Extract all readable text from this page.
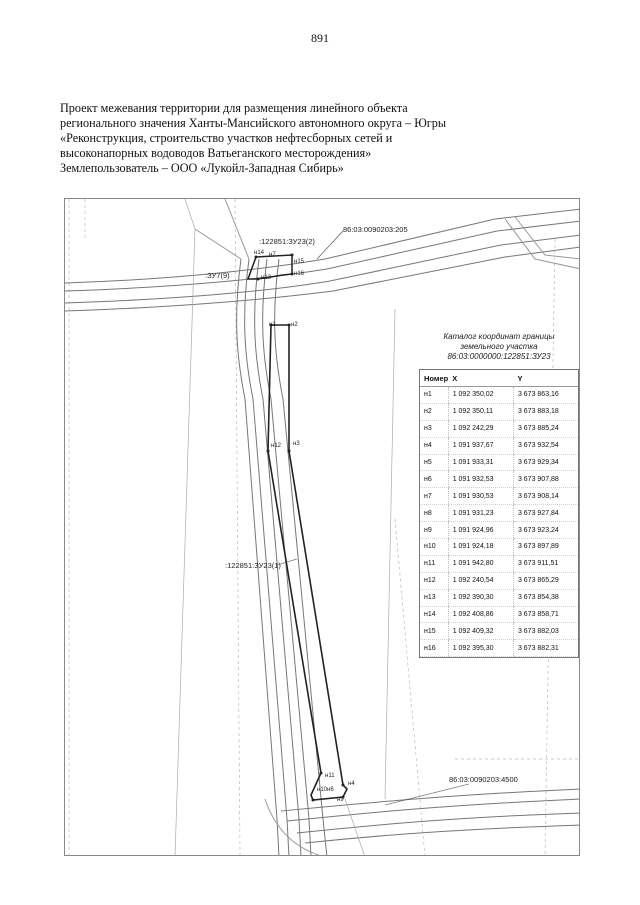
891
Проект межевания территории для размещения линейного объекта
регионального значения Ханты-Мансийского автономного округа – Югры
«Реконструкция, строительство участков нефтесборных сетей и
высоконапорных водоводов Ватьеганского месторождения»
Землепользователь – ООО «Лукойл-Западная Сибирь»
:122851:ЗУ23(2)
:ЗУ7(9)
86:03:0090203:205
:122851:ЗУ23(1)
86:03:0090203:4500
н1	н2
н3
н12
н4
н11
н10 н6
н9
н14 н7
н15
н16
н13
Каталог координат границы
земельного участка
86:03:0000000:122851:ЗУ23
Номер	X	Y
н1	1 092 350,02	3 673 863,16
н2	1 092 350,11	3 673 883,18
н3	1 092 242,29	3 673 885,24
н4	1 091 937,67	3 673 932,54
н5	1 091 933,31	3 673 929,34
н6	1 091 932,53	3 673 907,88
н7	1 091 930,53	3 673 908,14
н8	1 091 931,23	3 673 927,84
н9	1 091 924,96	3 673 923,24
н10	1 091 924,18	3 673 897,89
н11	1 091 942,80	3 673 911,51
н12	1 092 240,54	3 673 865,29
н13	1 092 390,30	3 673 854,38
н14	1 092 408,86	3 673 858,71
н15	1 092 409,32	3 673 882,03
н16	1 092 395,30	3 673 882,31
